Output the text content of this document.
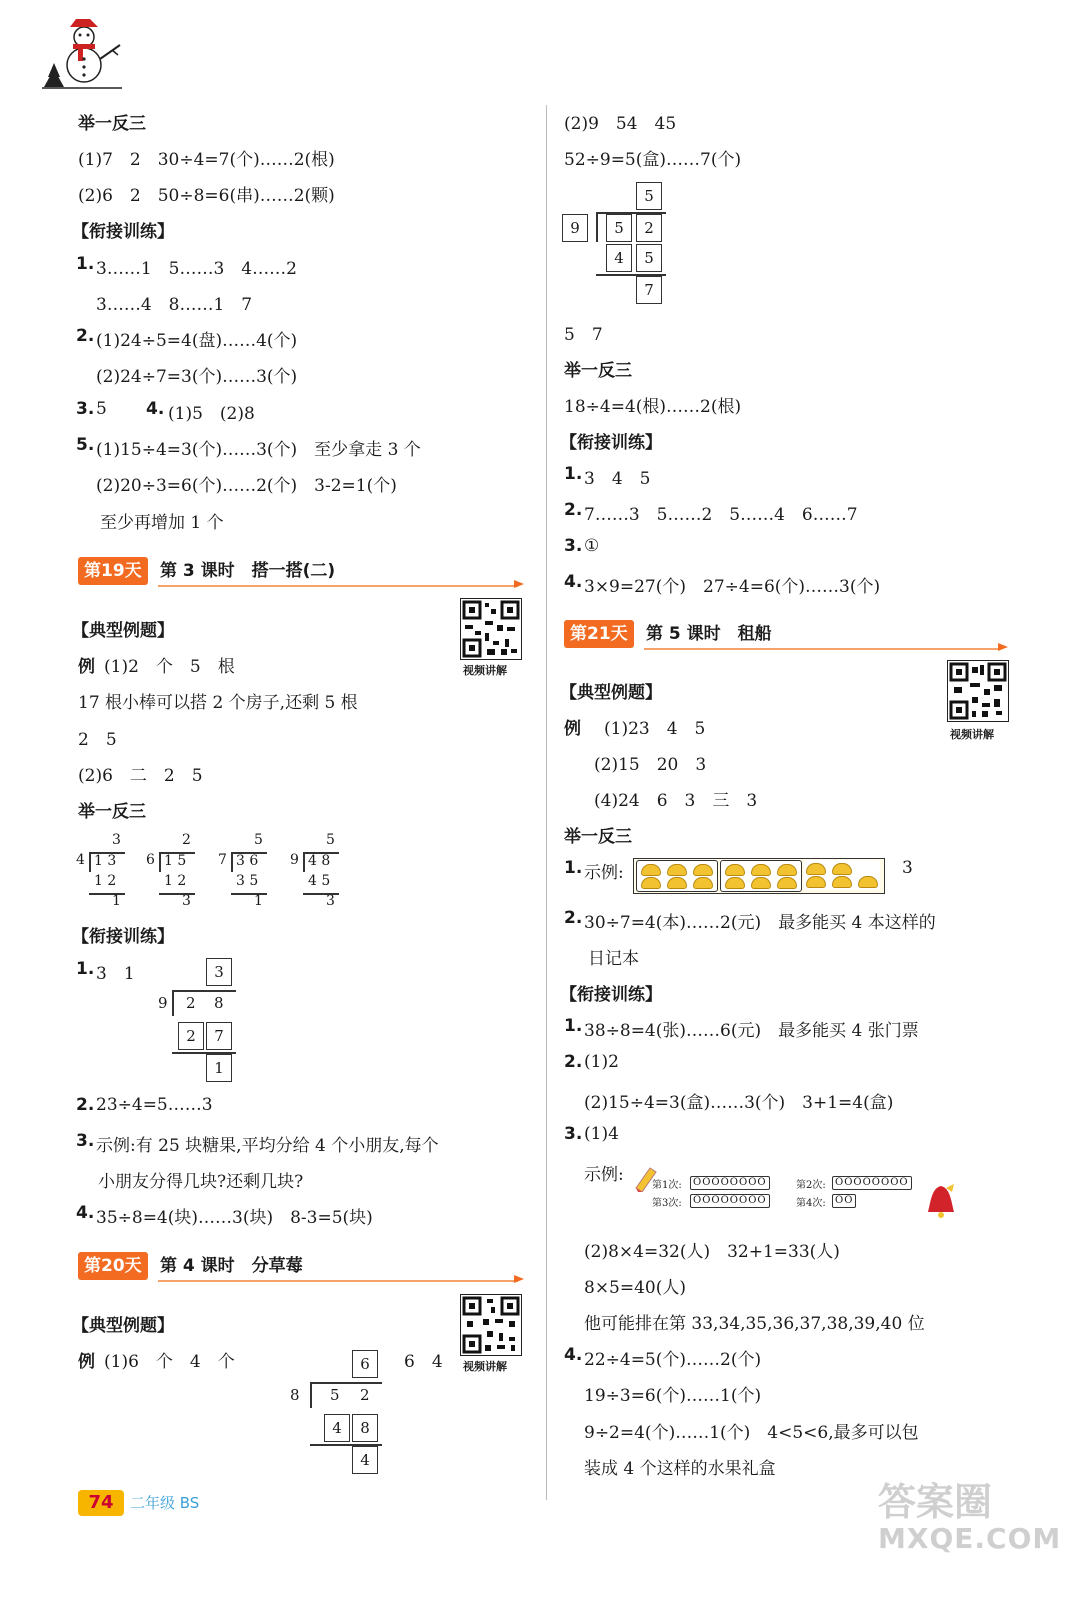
举一反三
(1)7　2　30÷4=7(个)……2(根)
(2)6　2　50÷8=6(串)……2(颗)
【衔接训练】
1. 3……1　5……3　4……2
3……4　8……1　7
2. (1)24÷5=4(盘)……4(个)
(2)24÷7=3(个)……3(个)
3. 5 4. (1)5　(2)8
5. (1)15÷4=3(个)……3(个)　至少拿走 3 个
(2)20÷3=6(个)……2(个)　3-2=1(个)
至少再增加 1 个
第19天	第 3 课时　搭一搭(二)
【典型例题】
视频讲解
例 (1)2　个　5　根
17 根小棒可以搭 2 个房子,还剩 5 根
2　5
(2)6　二　2　5
举一反三
3
4 1 3
1 2
1
2
6 1 5
1 2
3
5
7 3 6
3 5
1
5
9 4 8
4 5
3
【衔接训练】
1. 3　1	3
9 2 8
2	7
1
2. 23÷4=5……3
3. 示例:有 25 块糖果,平均分给 4 个小朋友,每个
小朋友分得几块?还剩几块?
4. 35÷8=4(块)……3(块)　8-3=5(块)
第20天	第 4 课时　分草莓
【典型例题】
视频讲解
例 (1)6　个　4　个	6　4
6
8 5 2
4	8
4
(2)9　54　45
52÷9=5(盒)……7(个)
5
9	5	2
4	5
7
5　7
举一反三
18÷4=4(根)……2(根)
【衔接训练】
1. 3　4　5
2. 7……3　5……2　5……4　6……7
3. ①
4. 3×9=27(个)　27÷4=6(个)……3(个)
第21天	第 5 课时　租船
【典型例题】
视频讲解
例 (1)23　4　5
(2)15　20　3
(4)24　6　3　三　3
举一反三
1. 示例:	3
2. 30÷7=4(本)……2(元)　最多能买 4 本这样的
日记本
【衔接训练】
1. 38÷8=4(张)……6(元)　最多能买 4 张门票
2. (1)2
(2)15÷4=3(盒)……3(个)　3+1=4(盒)
3. (1)4
示例:
第1次:	OOOOOOOO	第2次: OOOOOOOO
第3次:	OOOOOOOO	第4次: OO
(2)8×4=32(人)　32+1=33(人)
8×5=40(人)
他可能排在第 33,34,35,36,37,38,39,40 位
4. 22÷4=5(个)……2(个)
19÷3=6(个)……1(个)
9÷2=4(个)……1(个)　4<5<6,最多可以包
装成 4 个这样的水果礼盒
74	二年级 BS	答案圈
MXQE.COM
